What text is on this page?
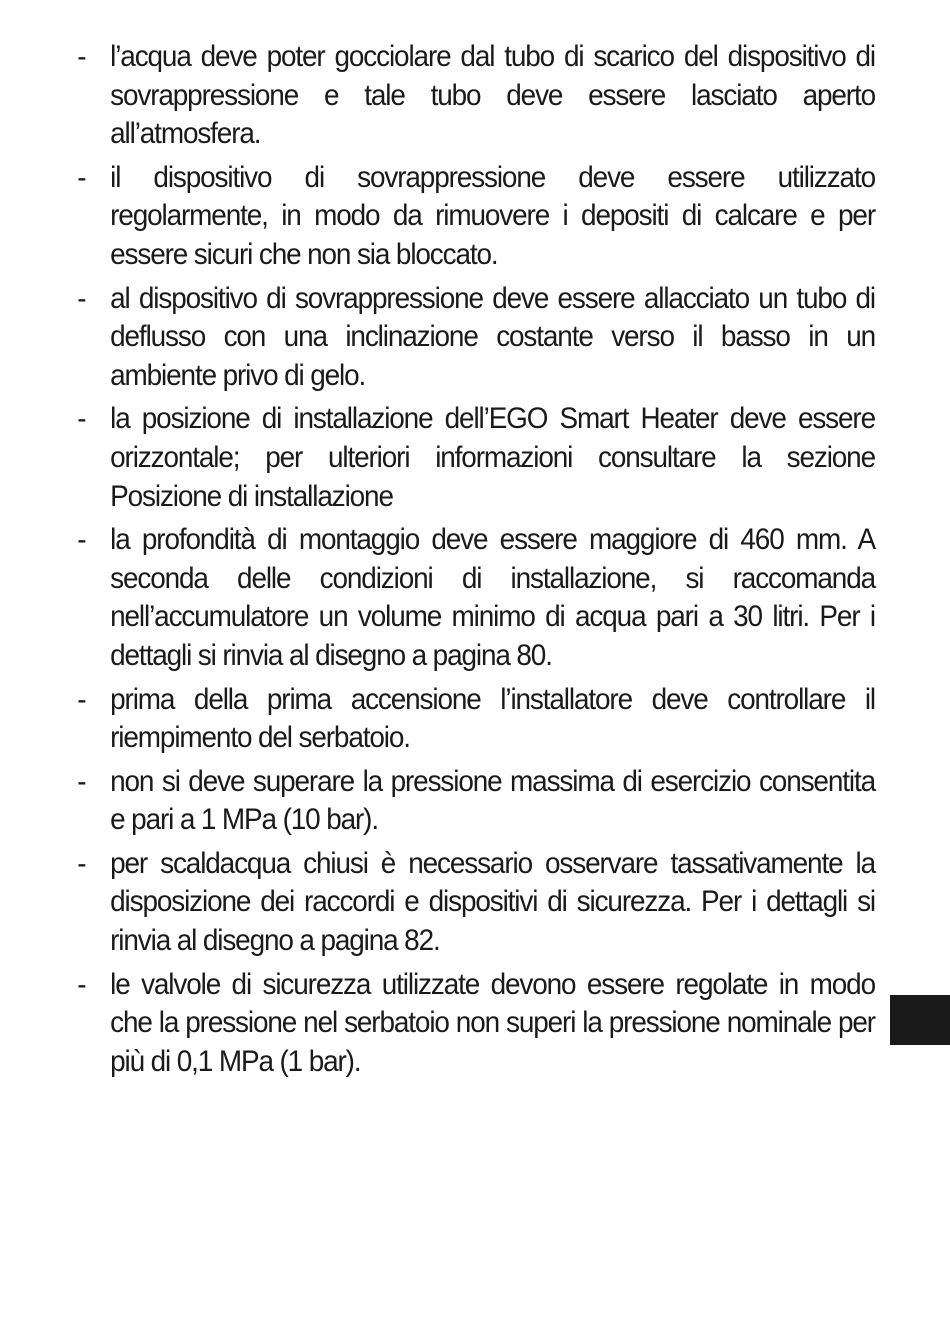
- l’acqua deve poter gocciolare dal tubo di scarico del dispositivo di sovrappressione e tale tubo deve essere lasciato aperto all’atmosfera.
- il dispositivo di sovrappressione deve essere utilizzato regolarmente, in modo da rimuovere i depositi di calcare e per essere sicuri che non sia bloccato.
- al dispositivo di sovrappressione deve essere allacciato un tubo di deflusso con una inclinazione costante verso il basso in un ambiente privo di gelo.
- la posizione di installazione dell’EGO Smart Heater deve essere orizzontale; per ulteriori informazioni consultare la sezione Posizione di installazione
- la profondità di montaggio deve essere maggiore di 460 mm. A seconda delle condizioni di installazione, si raccomanda nell’accumulatore un volume minimo di acqua pari a 30 litri. Per i dettagli si rinvia al disegno a pagina 80.
- prima della prima accensione l’installatore deve controllare il riempimento del serbatoio.
- non si deve superare la pressione massima di esercizio consentita e pari a 1 MPa (10 bar).
- per scaldacqua chiusi è necessario osservare tassativamente la disposizione dei raccordi e dispositivi di sicurezza. Per i dettagli si rinvia al disegno a pagina 82.
- le valvole di sicurezza utilizzate devono essere regolate in modo che la pressione nel serbatoio non superi la pressione nominale per più di 0,1 MPa (1 bar).
